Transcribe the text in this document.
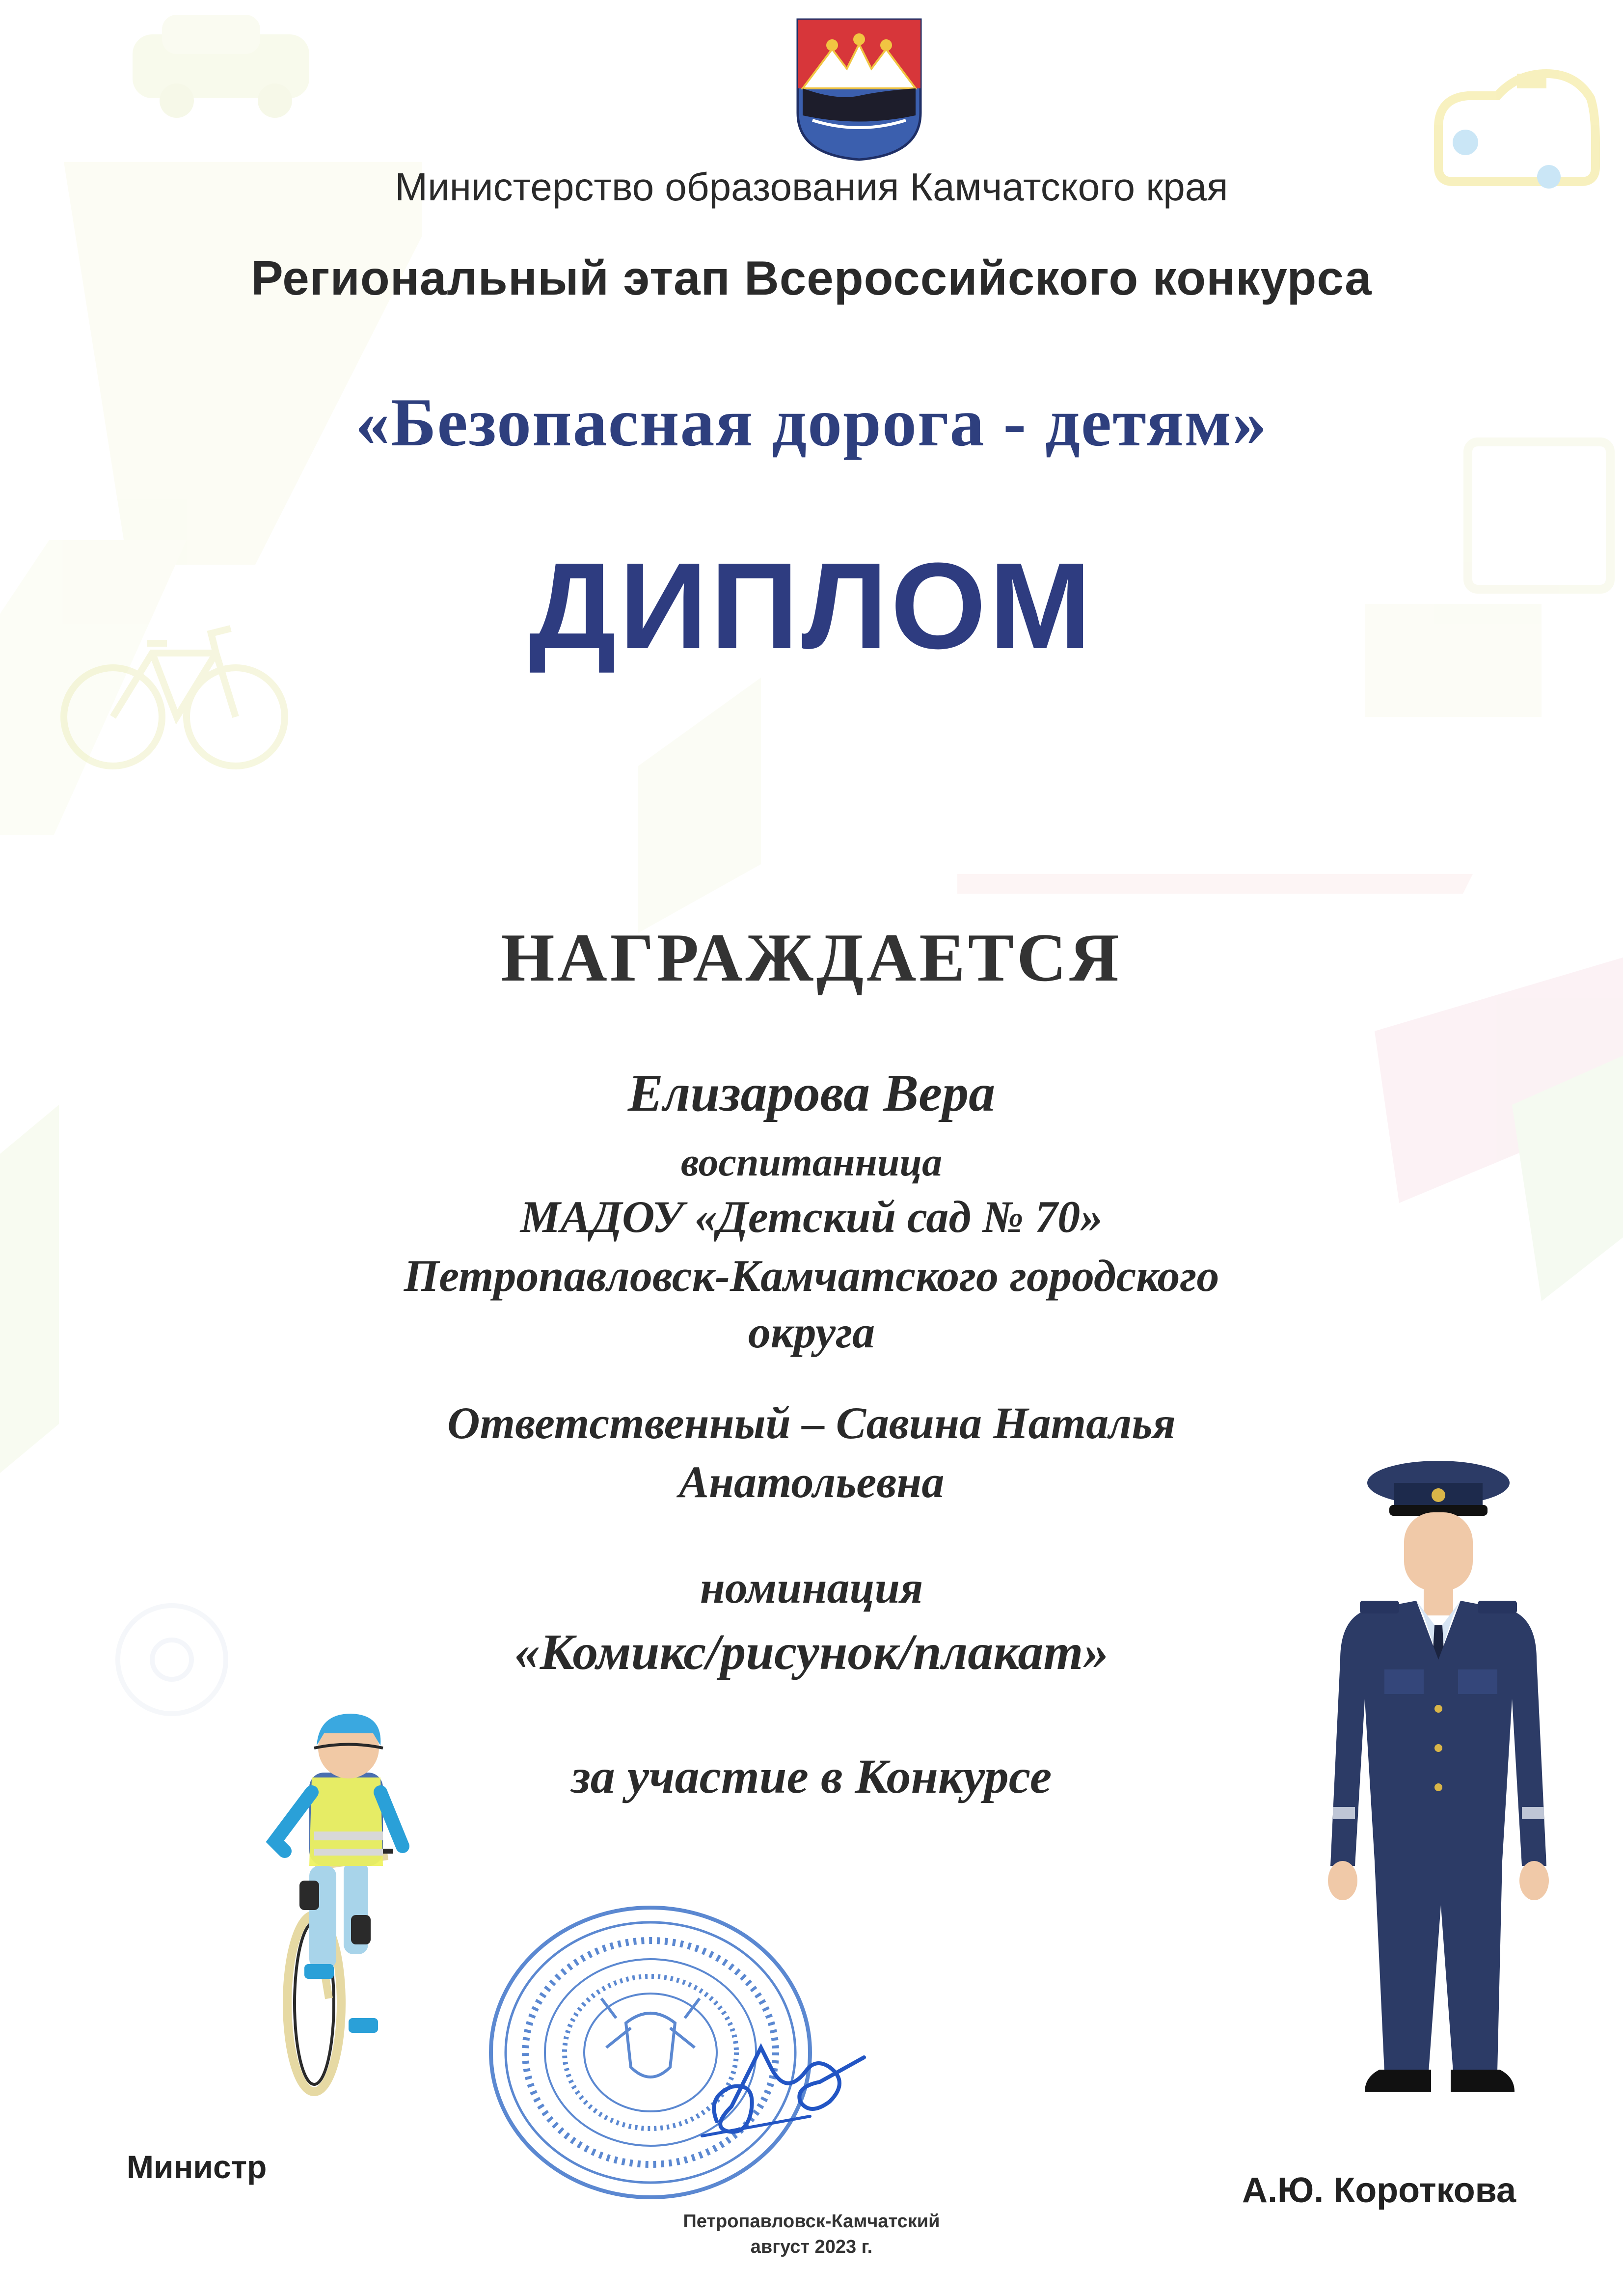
Министерство образования Камчатского края

Региональный этап Всероссийского конкурса

«Безопасная дорога - детям»

ДИПЛОМ

НАГРАЖДАЕТСЯ

Елизарова Вера

воспитанница

МАДОУ «Детский сад № 70»

Петропавловск-Камчатского городского

округа

Ответственный – Савина Наталья

Анатольевна

номинация

«Комикс/рисунок/плакат»

за участие в Конкурсе

Министр

А.Ю. Короткова

Петропавловск-Камчатский

август 2023 г.
